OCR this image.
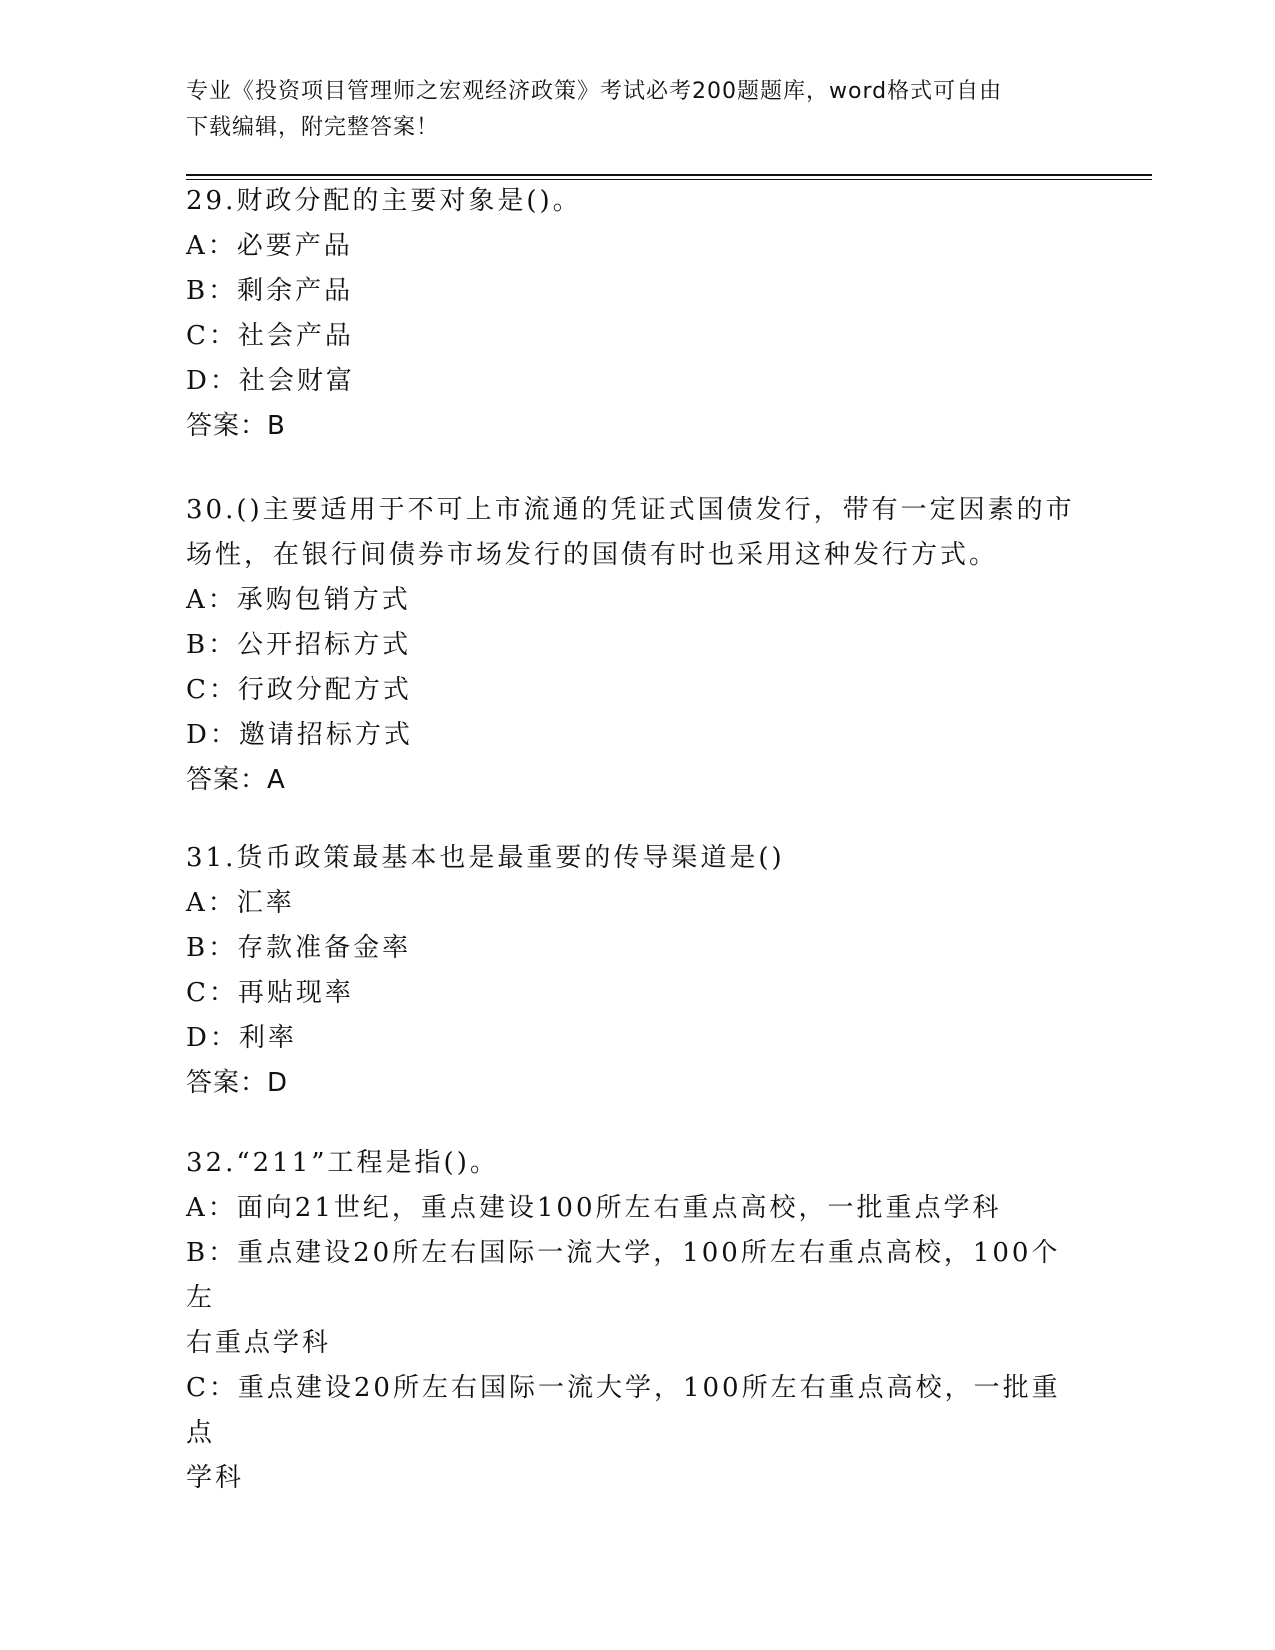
专业《投资项目管理师之宏观经济政策》考试必考200题题库，word格式可自由
下载编辑，附完整答案！
29.财政分配的主要对象是()。
A：必要产品
B：剩余产品
C：社会产品
D：社会财富
答案：B
30.()主要适用于不可上市流通的凭证式国债发行，带有一定因素的市
场性，在银行间债券市场发行的国债有时也采用这种发行方式。
A：承购包销方式
B：公开招标方式
C：行政分配方式
D：邀请招标方式
答案：A
31.货币政策最基本也是最重要的传导渠道是()
A：汇率
B：存款准备金率
C：再贴现率
D：利率
答案：D
32.“211”工程是指()。
A：面向21世纪，重点建设100所左右重点高校，一批重点学科
B：重点建设20所左右国际一流大学，100所左右重点高校，100个左
右重点学科
C：重点建设20所左右国际一流大学，100所左右重点高校，一批重点
学科
